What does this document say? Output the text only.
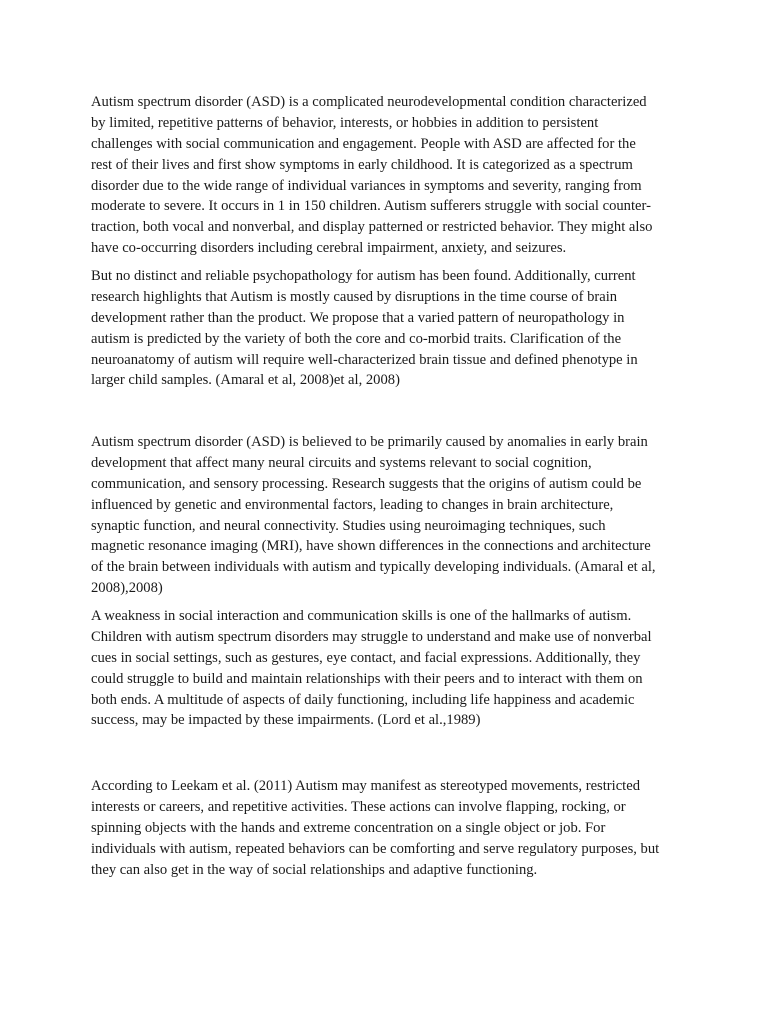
Autism spectrum disorder (ASD) is a complicated neurodevelopmental condition characterized
by limited, repetitive patterns of behavior, interests, or hobbies in addition to persistent
challenges with social communication and engagement. People with ASD are affected for the
rest of their lives and first show symptoms in early childhood. It is categorized as a spectrum
disorder due to the wide range of individual variances in symptoms and severity, ranging from
moderate to severe. It occurs in 1 in 150 children. Autism sufferers struggle with social counter-
traction, both vocal and nonverbal, and display patterned or restricted behavior. They might also
have co-occurring disorders including cerebral impairment, anxiety, and seizures.

But no distinct and reliable psychopathology for autism has been found. Additionally, current
research highlights that Autism is mostly caused by disruptions in the time course of brain
development rather than the product. We propose that a varied pattern of neuropathology in
autism is predicted by the variety of both the core and co-morbid traits. Clarification of the
neuroanatomy of autism will require well-characterized brain tissue and defined phenotype in
larger child samples. (Amaral et al, 2008)et al, 2008)

Autism spectrum disorder (ASD) is believed to be primarily caused by anomalies in early brain
development that affect many neural circuits and systems relevant to social cognition,
communication, and sensory processing. Research suggests that the origins of autism could be
influenced by genetic and environmental factors, leading to changes in brain architecture,
synaptic function, and neural connectivity. Studies using neuroimaging techniques, such
magnetic resonance imaging (MRI), have shown differences in the connections and architecture
of the brain between individuals with autism and typically developing individuals. (Amaral et al,
2008),2008)

A weakness in social interaction and communication skills is one of the hallmarks of autism.
Children with autism spectrum disorders may struggle to understand and make use of nonverbal
cues in social settings, such as gestures, eye contact, and facial expressions. Additionally, they
could struggle to build and maintain relationships with their peers and to interact with them on
both ends. A multitude of aspects of daily functioning, including life happiness and academic
success, may be impacted by these impairments. (Lord et al.,1989)

According to Leekam et al. (2011) Autism may manifest as stereotyped movements, restricted
interests or careers, and repetitive activities. These actions can involve flapping, rocking, or
spinning objects with the hands and extreme concentration on a single object or job. For
individuals with autism, repeated behaviors can be comforting and serve regulatory purposes, but
they can also get in the way of social relationships and adaptive functioning.
